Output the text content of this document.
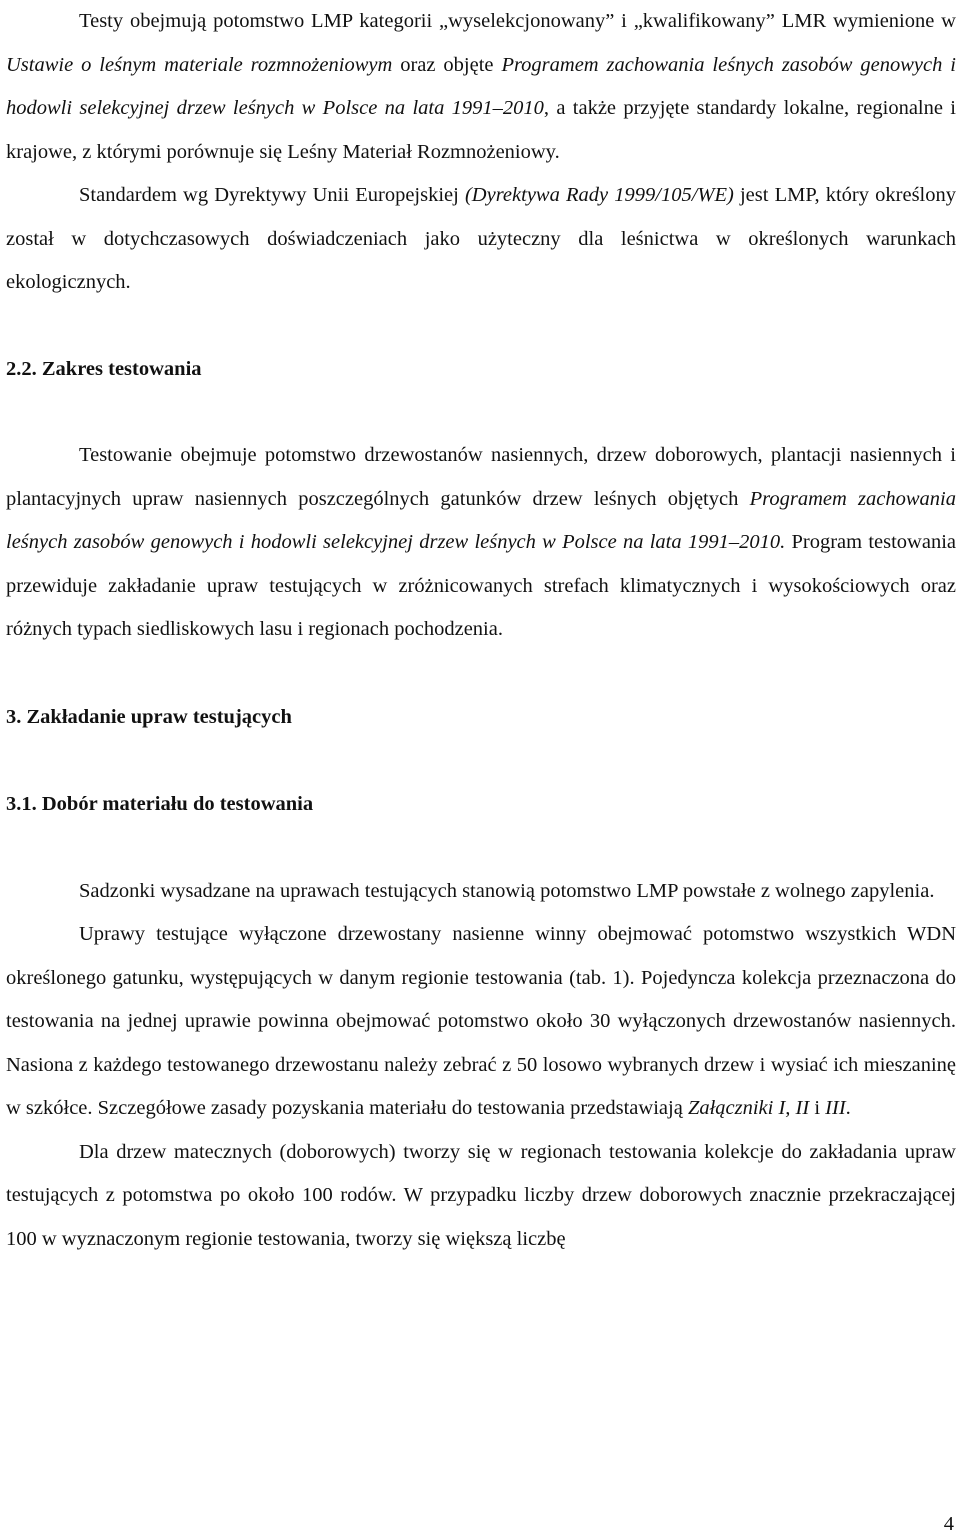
Testy obejmują potomstwo LMP kategorii „wyselekcjonowany” i „kwalifikowany” LMR wymienione w Ustawie o leśnym materiale rozmnożeniowym oraz objęte Programem zachowania leśnych zasobów genowych i hodowli selekcyjnej drzew leśnych w Polsce na lata 1991–2010, a także przyjęte standardy lokalne, regionalne i krajowe, z którymi porównuje się Leśny Materiał Rozmnożeniowy.

Standardem wg Dyrektywy Unii Europejskiej (Dyrektywa Rady 1999/105/WE) jest LMP, który określony został w dotychczasowych doświadczeniach jako użyteczny dla leśnictwa w określonych warunkach ekologicznych.

2.2. Zakres testowania

Testowanie obejmuje potomstwo drzewostanów nasiennych, drzew doborowych, plantacji nasiennych i plantacyjnych upraw nasiennych poszczególnych gatunków drzew leśnych objętych Programem zachowania leśnych zasobów genowych i hodowli selekcyjnej drzew leśnych w Polsce na lata 1991–2010. Program testowania przewiduje zakładanie upraw testujących w zróżnicowanych strefach klimatycznych i wysokościowych oraz różnych typach siedliskowych lasu i regionach pochodzenia.

3. Zakładanie upraw testujących

3.1. Dobór materiału do testowania

Sadzonki wysadzane na uprawach testujących stanowią potomstwo LMP powstałe z wolnego zapylenia.

Uprawy testujące wyłączone drzewostany nasienne winny obejmować potomstwo wszystkich WDN określonego gatunku, występujących w danym regionie testowania (tab. 1). Pojedyncza kolekcja przeznaczona do testowania na jednej uprawie powinna obejmować potomstwo około 30 wyłączonych drzewostanów nasiennych. Nasiona z każdego testowanego drzewostanu należy zebrać z 50 losowo wybranych drzew i wysiać ich mieszaninę w szkółce. Szczegółowe zasady pozyskania materiału do testowania przedstawiają Załączniki I, II i III.

Dla drzew matecznych (doborowych) tworzy się w regionach testowania kolekcje do zakładania upraw testujących z potomstwa po około 100 rodów. W przypadku liczby drzew doborowych znacznie przekraczającej 100 w wyznaczonym regionie testowania, tworzy się większą liczbę

4
